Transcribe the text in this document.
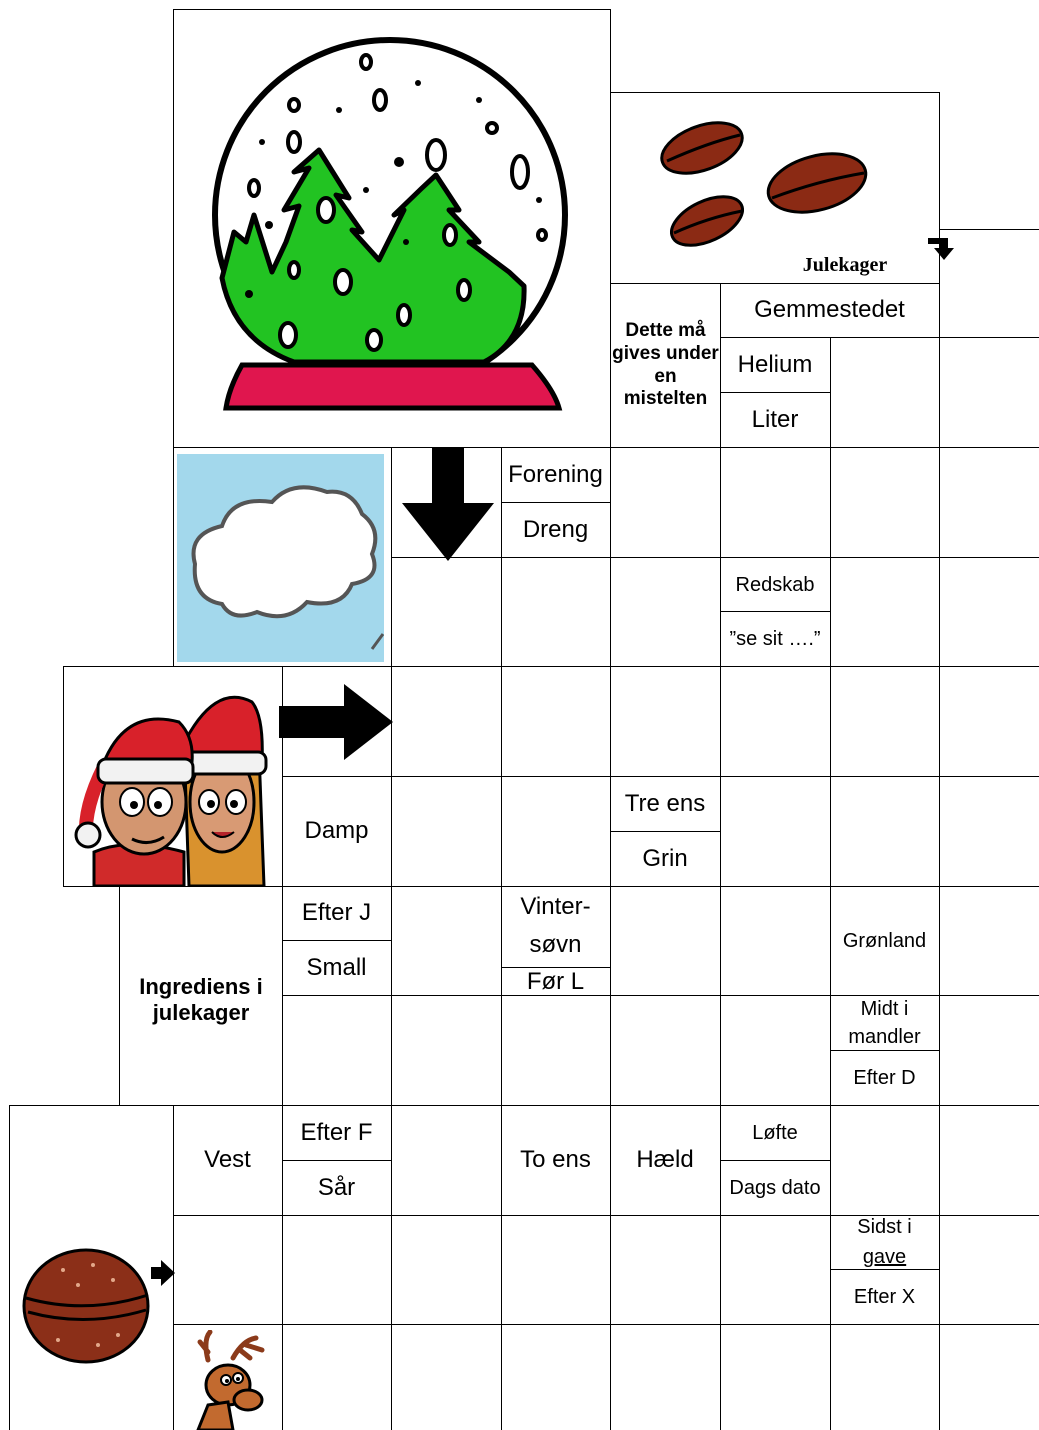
Julekager
Dette må gives under en mistelten
Gemmestedet
Helium
Liter
Forening
Dreng
Redskab
”se sit ….”
Damp
Tre ens
Grin
Efter J
Small
Vinter-
søvn
Før L
Grønland
Ingrediens i julekager	Midt i
mandler
Efter D
Vest
Efter F
Sår
To ens	Hæld
Løfte
Dags dato
Sidst i
gave
Efter X
